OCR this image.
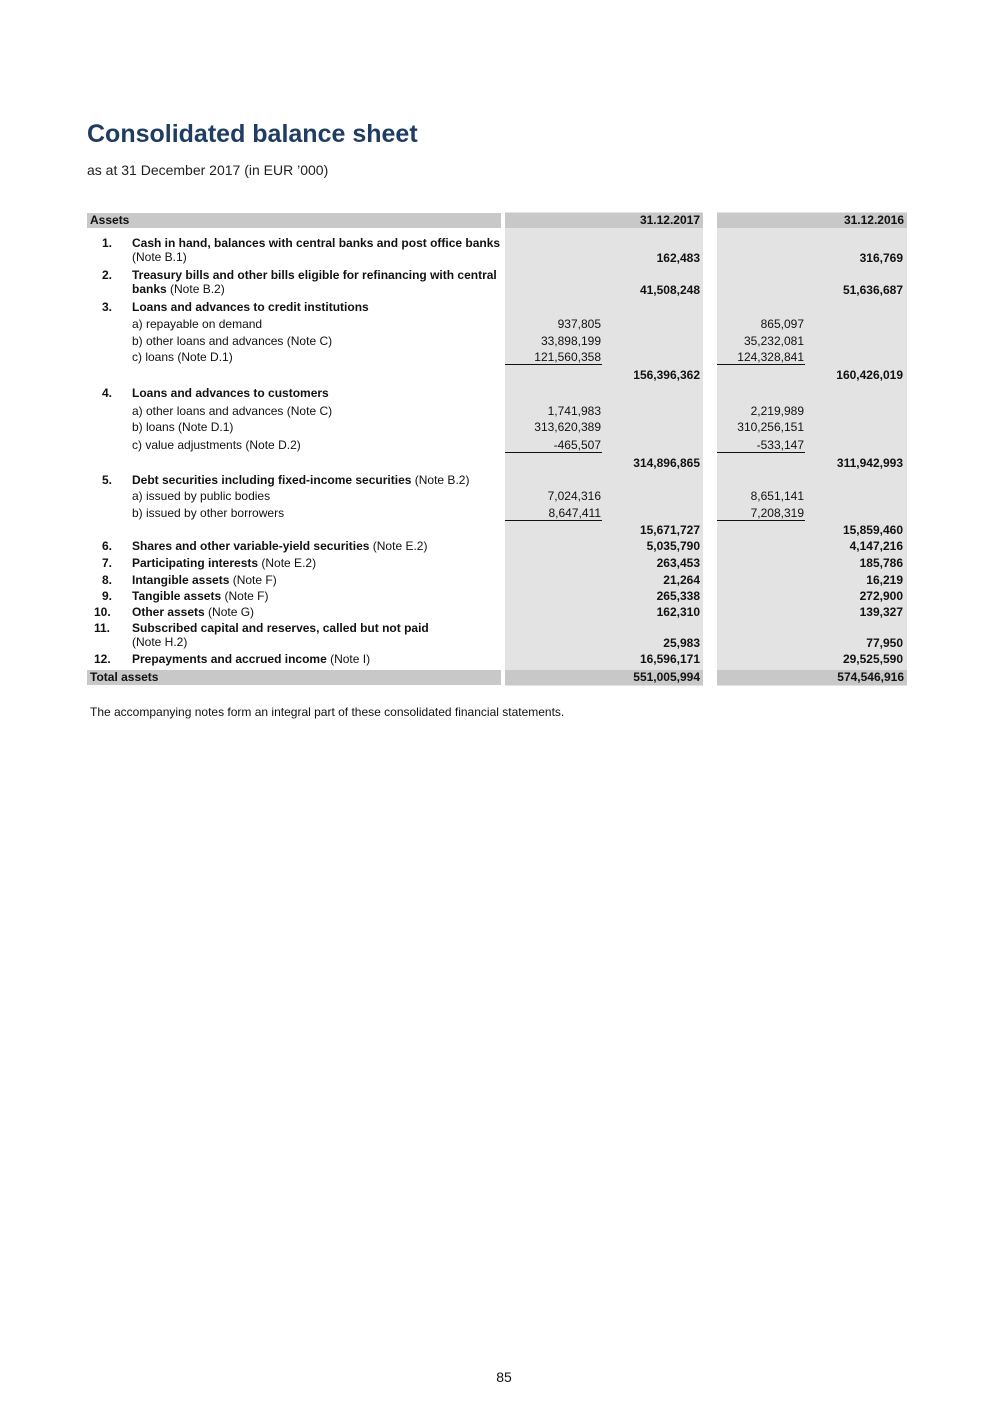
Consolidated balance sheet
as at 31 December 2017 (in EUR ’000)
Assets	31.12.2017	31.12.2016
1. Cash in hand, balances with central banks and post office banks (Note B.1)	162,483	316,769
2. Treasury bills and other bills eligible for refinancing with central banks (Note B.2)	41,508,248	51,636,687
3. Loans and advances to credit institutions
a) repayable on demand	937,805	865,097
b) other loans and advances (Note C)	33,898,199	35,232,081
c) loans (Note D.1)	121,560,358	124,328,841
156,396,362	160,426,019
4. Loans and advances to customers
a) other loans and advances (Note C)	1,741,983	2,219,989
b) loans (Note D.1)	313,620,389	310,256,151
c) value adjustments (Note D.2)	-465,507	-533,147
314,896,865	311,942,993
5. Debt securities including fixed-income securities (Note B.2)
a) issued by public bodies	7,024,316	8,651,141
b) issued by other borrowers	8,647,411	7,208,319
15,671,727	15,859,460
6. Shares and other variable-yield securities (Note E.2)	5,035,790	4,147,216
7. Participating interests (Note E.2)	263,453	185,786
8. Intangible assets (Note F)	21,264	16,219
9. Tangible assets (Note F)	265,338	272,900
10. Other assets (Note G)	162,310	139,327
11. Subscribed capital and reserves, called but not paid
(Note H.2)	25,983	77,950
12. Prepayments and accrued income (Note I)	16,596,171	29,525,590
Total assets	551,005,994	574,546,916
The accompanying notes form an integral part of these consolidated financial statements.
85
